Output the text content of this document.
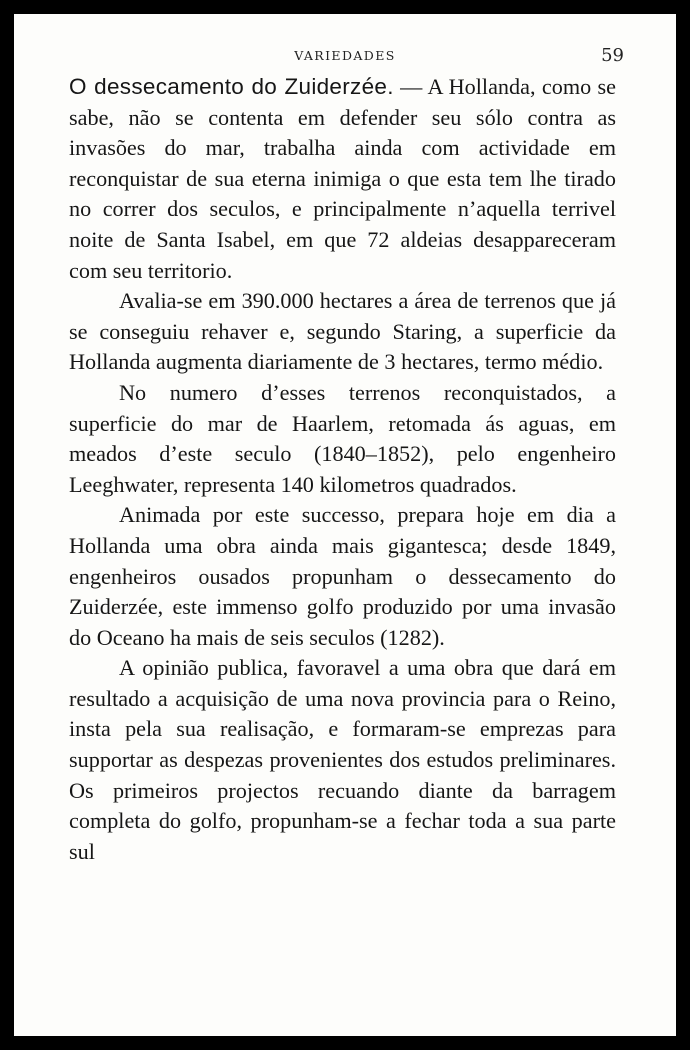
VARIEDADES	59

O dessecamento do Zuiderzée. — A Hollanda, como se sabe, não se contenta em defender seu sólo contra as invasões do mar, trabalha ainda com actividade em reconquistar de sua eterna inimiga o que esta tem lhe tirado no correr dos seculos, e principalmente n’aquella terrivel noite de Santa Isabel, em que 72 aldeias desappareceram com seu territorio.

Avalia-se em 390.000 hectares a área de terrenos que já se conseguiu rehaver e, segundo Staring, a superficie da Hollanda augmenta diariamente de 3 hectares, termo médio.

No numero d’esses terrenos reconquistados, a superficie do mar de Haarlem, retomada ás aguas, em meados d’este seculo (1840–1852), pelo engenheiro Leeghwater, representa 140 kilometros quadrados.

Animada por este successo, prepara hoje em dia a Hollanda uma obra ainda mais gigantesca; desde 1849, engenheiros ousados propunham o dessecamento do Zuiderzée, este immenso golfo produzido por uma invasão do Oceano ha mais de seis seculos (1282).

A opinião publica, favoravel a uma obra que dará em resultado a acquisição de uma nova provincia para o Reino, insta pela sua realisação, e formaram-se emprezas para supportar as despezas provenientes dos estudos preliminares. Os primeiros projectos recuando diante da barragem completa do golfo, propunham-se a fechar toda a sua parte sul
